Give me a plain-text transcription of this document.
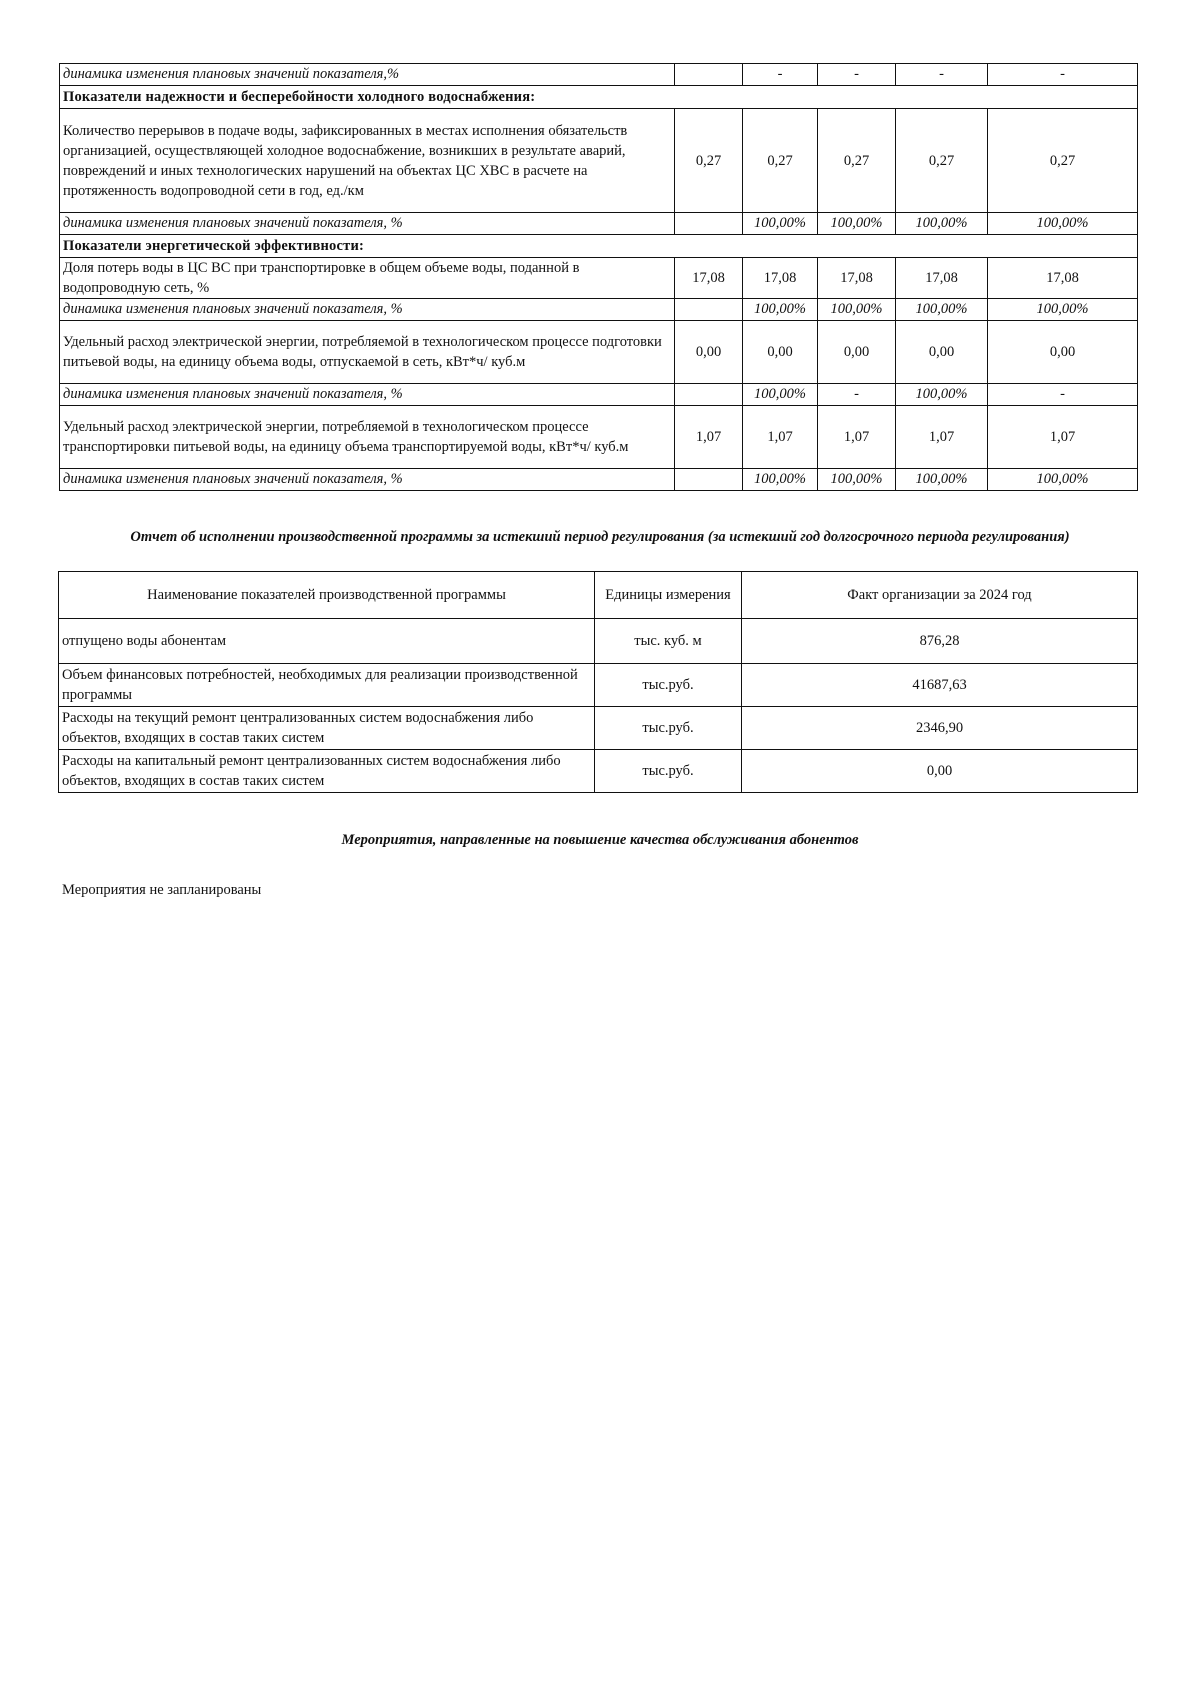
динамика изменения плановых значений показателя,%		-	-	-	-
Показатели надежности и бесперебойности холодного водоснабжения:					
Количество перерывов в подаче воды, зафиксированных в местах исполнения обязательств организацией, осуществляющей холодное водоснабжение, возникших в результате аварий, повреждений и иных технологических нарушений на объектах ЦС ХВС в расчете на протяженность водопроводной сети в год, ед./км	0,27	0,27	0,27	0,27	0,27
динамика изменения плановых значений показателя, %		100,00%	100,00%	100,00%	100,00%
Показатели энергетической эффективности:					
Доля потерь воды в ЦС ВС при транспортировке в общем объеме воды, поданной в водопроводную сеть, %	17,08	17,08	17,08	17,08	17,08
динамика изменения плановых значений показателя, %		100,00%	100,00%	100,00%	100,00%
Удельный расход электрической энергии, потребляемой в технологическом процессе подготовки питьевой воды, на единицу объема воды, отпускаемой в сеть, кВт*ч/ куб.м	0,00	0,00	0,00	0,00	0,00
динамика изменения плановых значений показателя, %		100,00%	-	100,00%	-
Удельный расход электрической энергии, потребляемой в технологическом процессе транспортировки питьевой воды, на единицу объема транспортируемой воды, кВт*ч/ куб.м	1,07	1,07	1,07	1,07	1,07
динамика изменения плановых значений показателя, %		100,00%	100,00%	100,00%	100,00%
Отчет об исполнении производственной программы за истекший период регулирования (за истекший год долгосрочного периода регулирования)
Наименование показателей производственной программы	Единицы измерения	Факт организации за 2024 год
отпущено воды абонентам	тыс. куб. м	876,28
Объем финансовых потребностей, необходимых для реализации производственной программы	тыс.руб.	41687,63
Расходы на текущий ремонт централизованных систем водоснабжения либо объектов, входящих в состав таких систем	тыс.руб.	2346,90
Расходы на капитальный ремонт централизованных систем водоснабжения либо объектов, входящих в состав таких систем	тыс.руб.	0,00
Мероприятия, направленные на повышение качества обслуживания абонентов
Мероприятия не запланированы
